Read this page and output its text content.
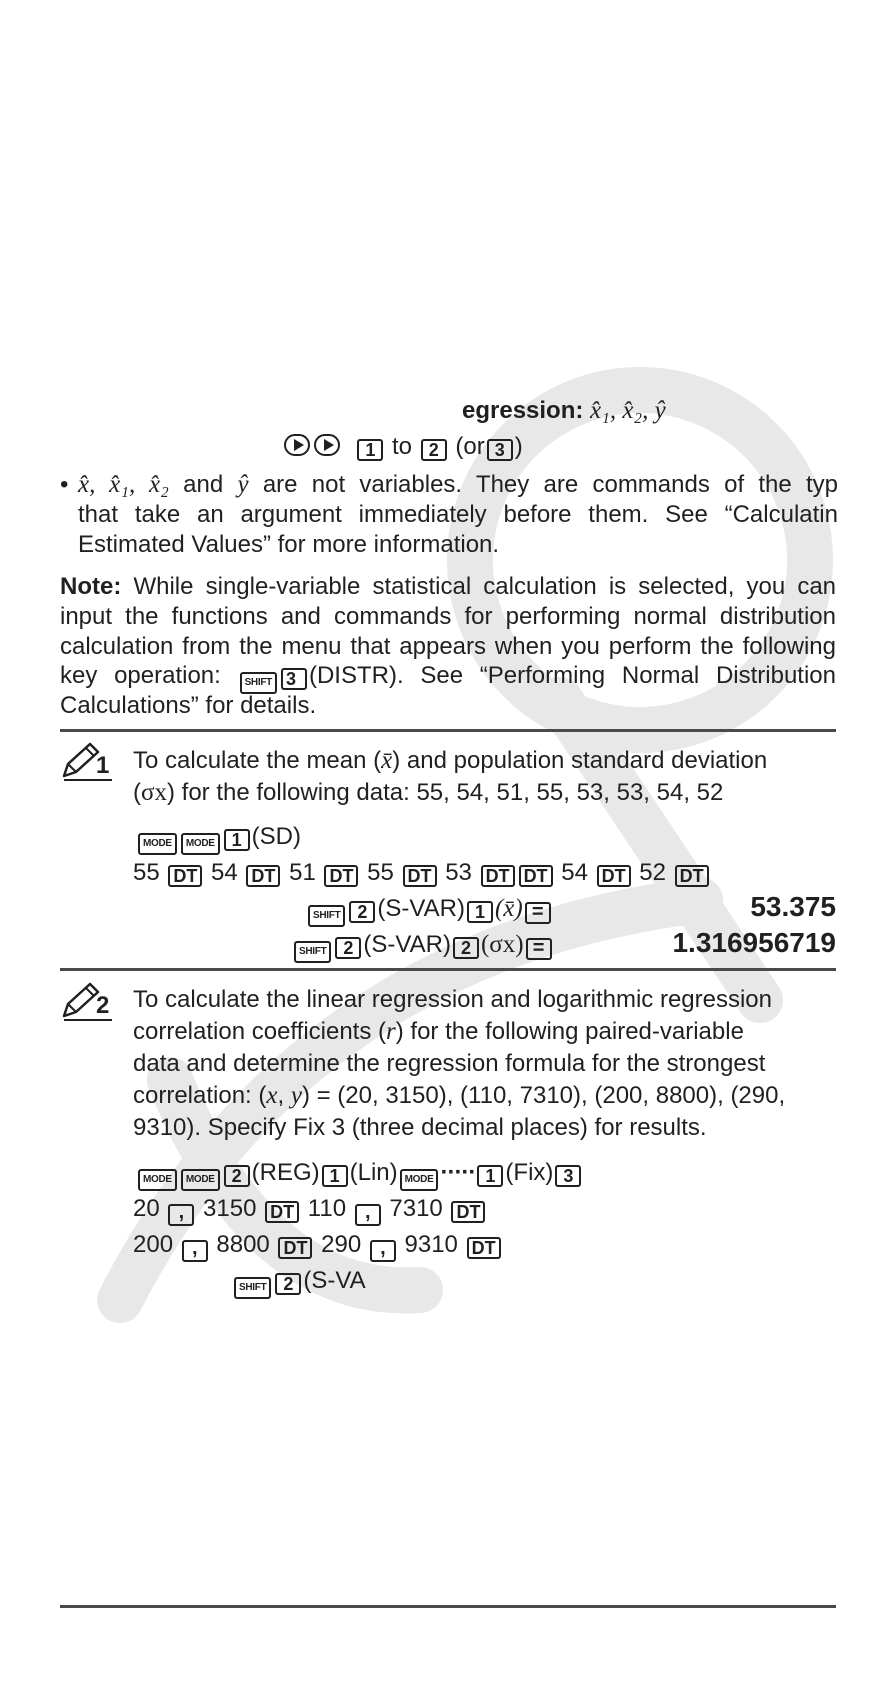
egression: x̂₁, x̂₂, ŷ
1 to 2 (or 3 )
• x̂, x̂₁, x̂₂ and ŷ are not variables. They are commands of the typ
that take an argument immediately before them. See “Calculatin
Estimated Values” for more information.
Note: While single-variable statistical calculation is selected, you can
input the functions and commands for performing normal distribution
calculation from the menu that appears when you perform the following
key operation: SHIFT 3 (DISTR). See “Performing Normal Distribution
Calculations” for details.
1 To calculate the mean (x̄) and population standard deviation
(σx) for the following data: 55, 54, 51, 55, 53, 53, 54, 52
MODE MODE 1 (SD)
55 DT 54 DT 51 DT 55 DT 53 DT DT 54 DT 52 DT
SHIFT 2 (S-VAR) 1 (x̄) =	53.375
SHIFT 2 (S-VAR) 2 (σx) =	1.316956719
2 To calculate the linear regression and logarithmic regression
correlation coefficients (r) for the following paired-variable
data and determine the regression formula for the strongest
correlation: (x, y) = (20, 3150), (110, 7310), (200, 8800), (290,
9310). Specify Fix 3 (three decimal places) for results.
MODE MODE 2 (REG) 1 (Lin) MODE ····· 1 (Fix) 3
20 , 3150 DT 110 , 7310 DT
200 , 8800 DT 290 , 9310 DT
SHIFT 2 (S-VA
